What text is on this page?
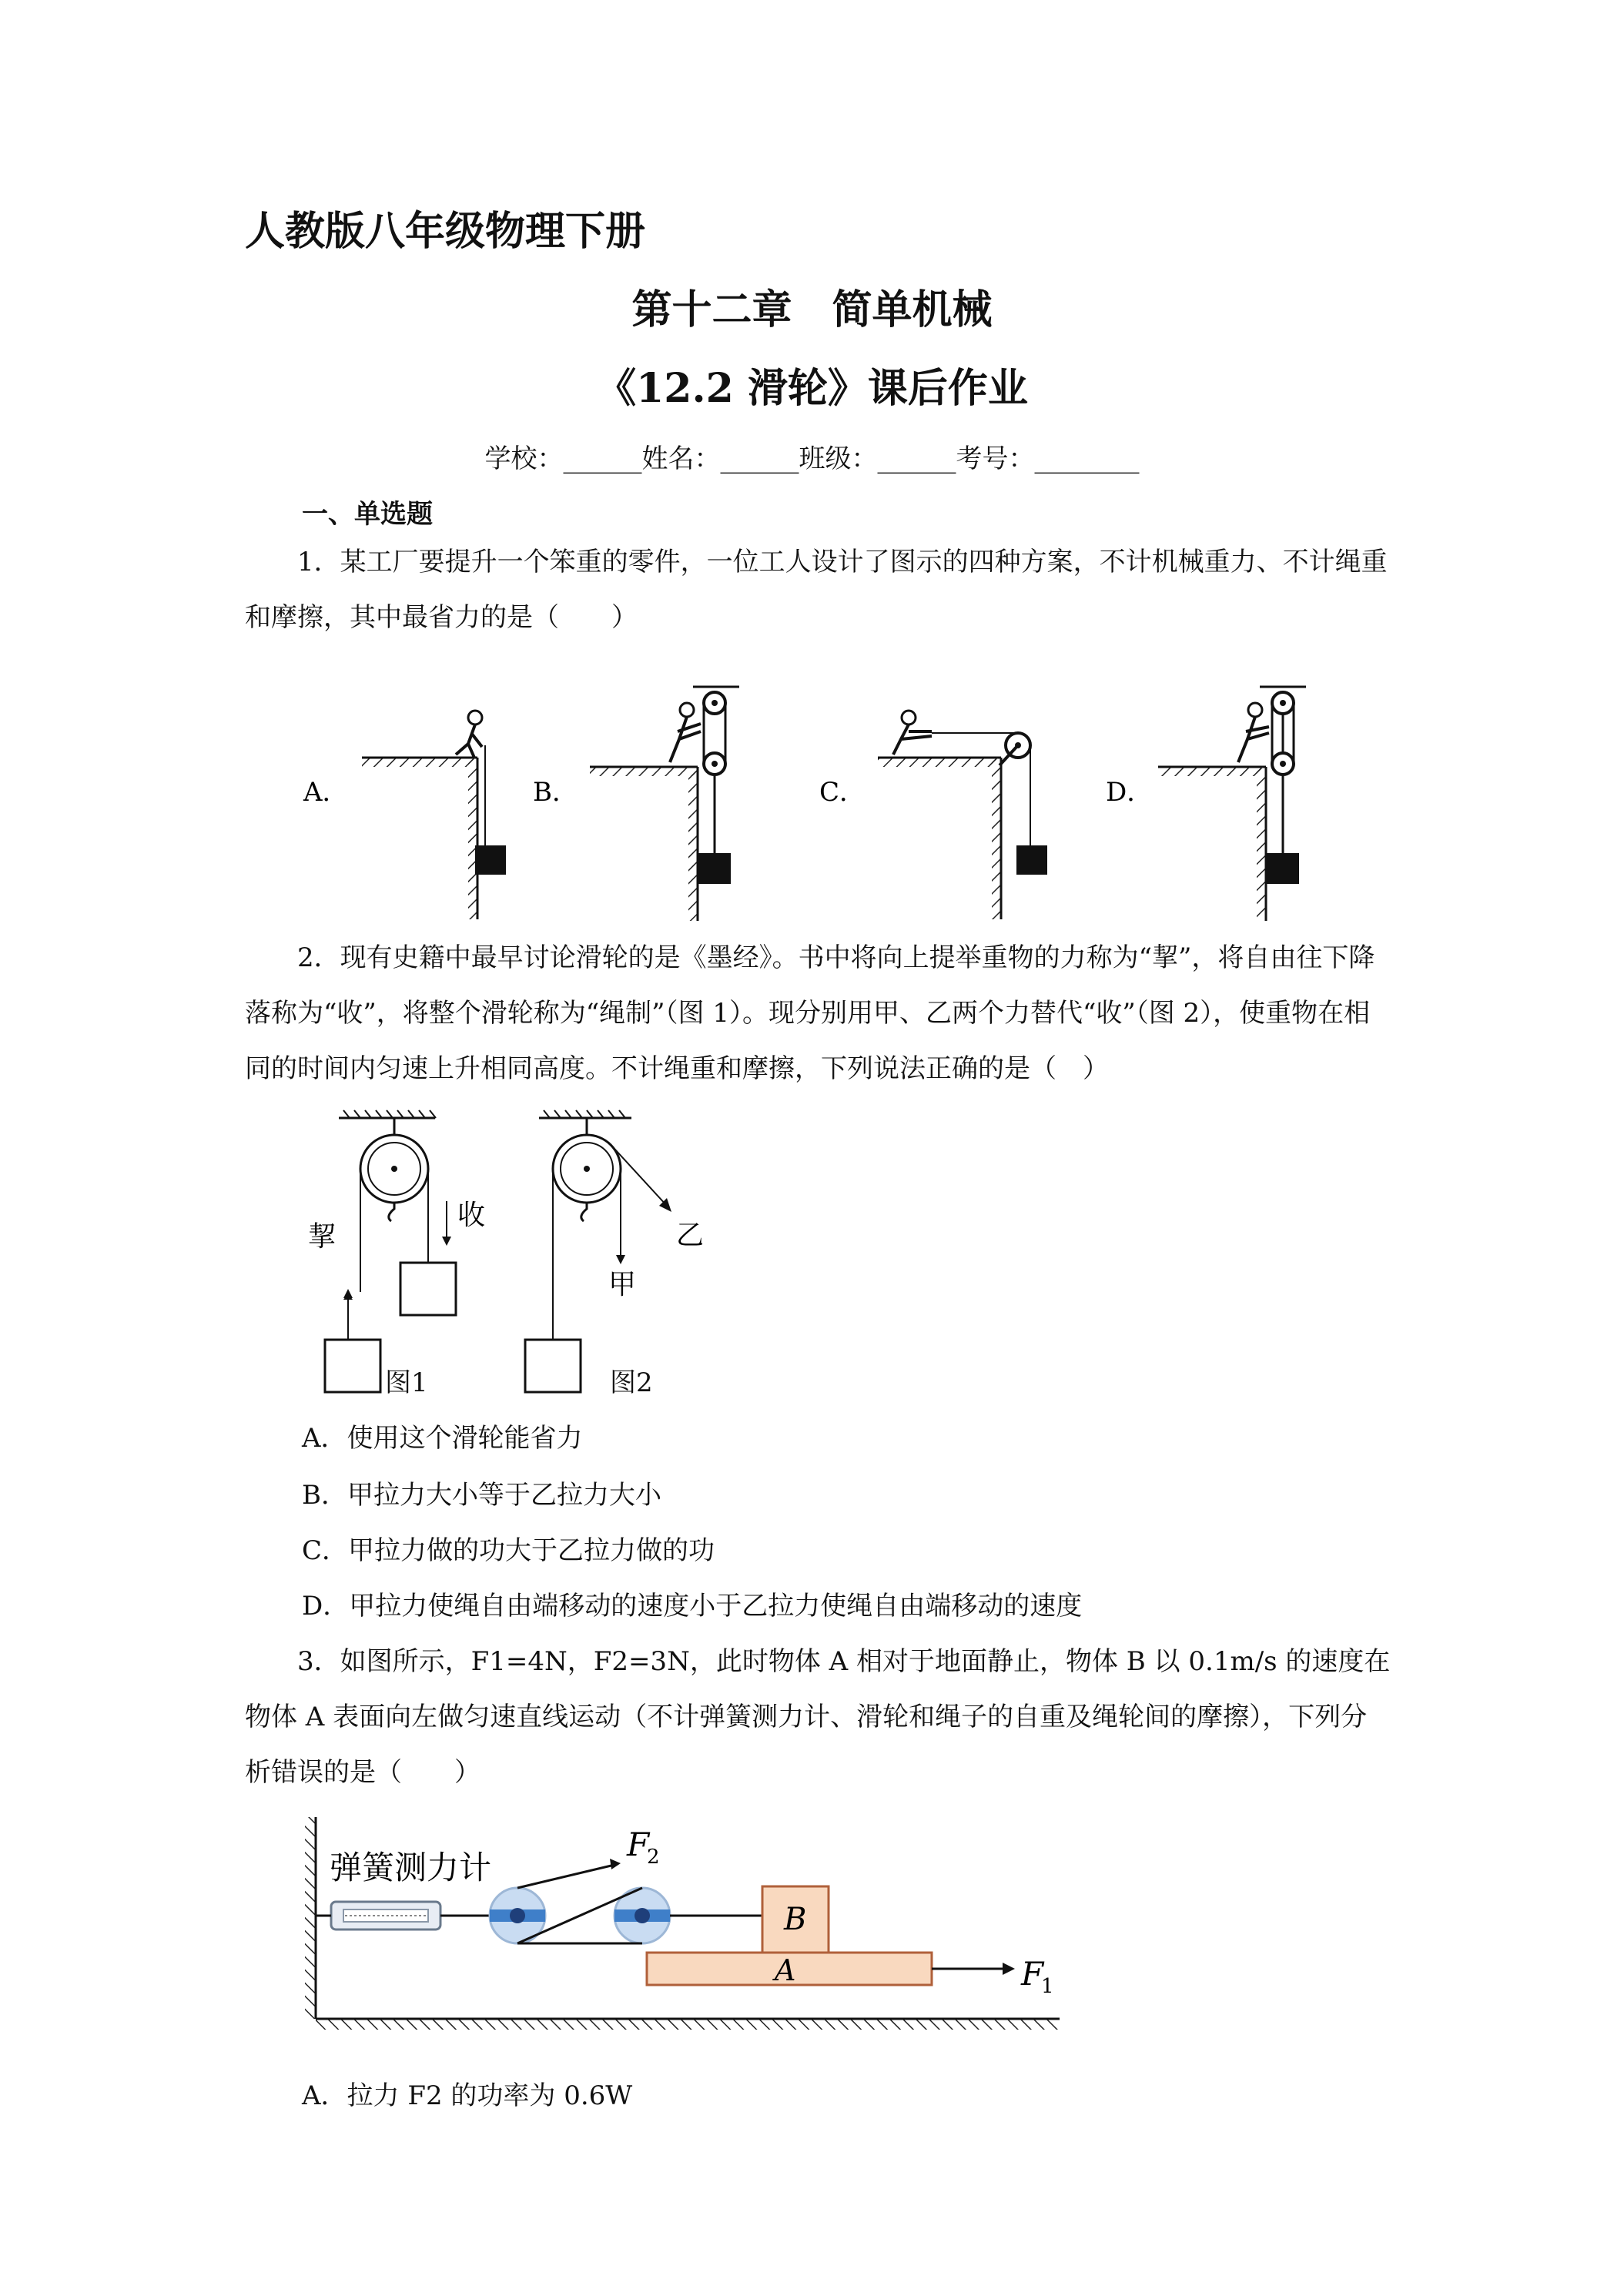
人教版八年级物理下册
第十二章　简单机械
《12.2 滑轮》课后作业
学校：______姓名：______班级：______考号：________
一、单选题
1．某工厂要提升一个笨重的零件，一位工人设计了图示的四种方案，不计机械重力、不计绳重和摩擦，其中最省力的是（　　）
A．	B．	C．	D．
2．现有史籍中最早讨论滑轮的是《墨经》。书中将向上提举重物的力称为“挈”，将自由往下降落称为“收”，将整个滑轮称为“绳制”（图 1）。现分别用甲、乙两个力替代“收”（图 2），使重物在相同的时间内匀速上升相同高度。不计绳重和摩擦，下列说法正确的是（　）
挈
收
甲
乙
图1	图2
A．使用这个滑轮能省力
B．甲拉力大小等于乙拉力大小
C．甲拉力做的功大于乙拉力做的功
D．甲拉力使绳自由端移动的速度小于乙拉力使绳自由端移动的速度
3．如图所示，F1=4N，F2=3N，此时物体 A 相对于地面静止，物体 B 以 0.1m/s 的速度在物体 A 表面向左做匀速直线运动（不计弹簧测力计、滑轮和绳子的自重及绳轮间的摩擦），下列分析错误的是（　　）
弹簧测力计
F
2
B
A	F
1
A．拉力 F2 的功率为 0.6W
